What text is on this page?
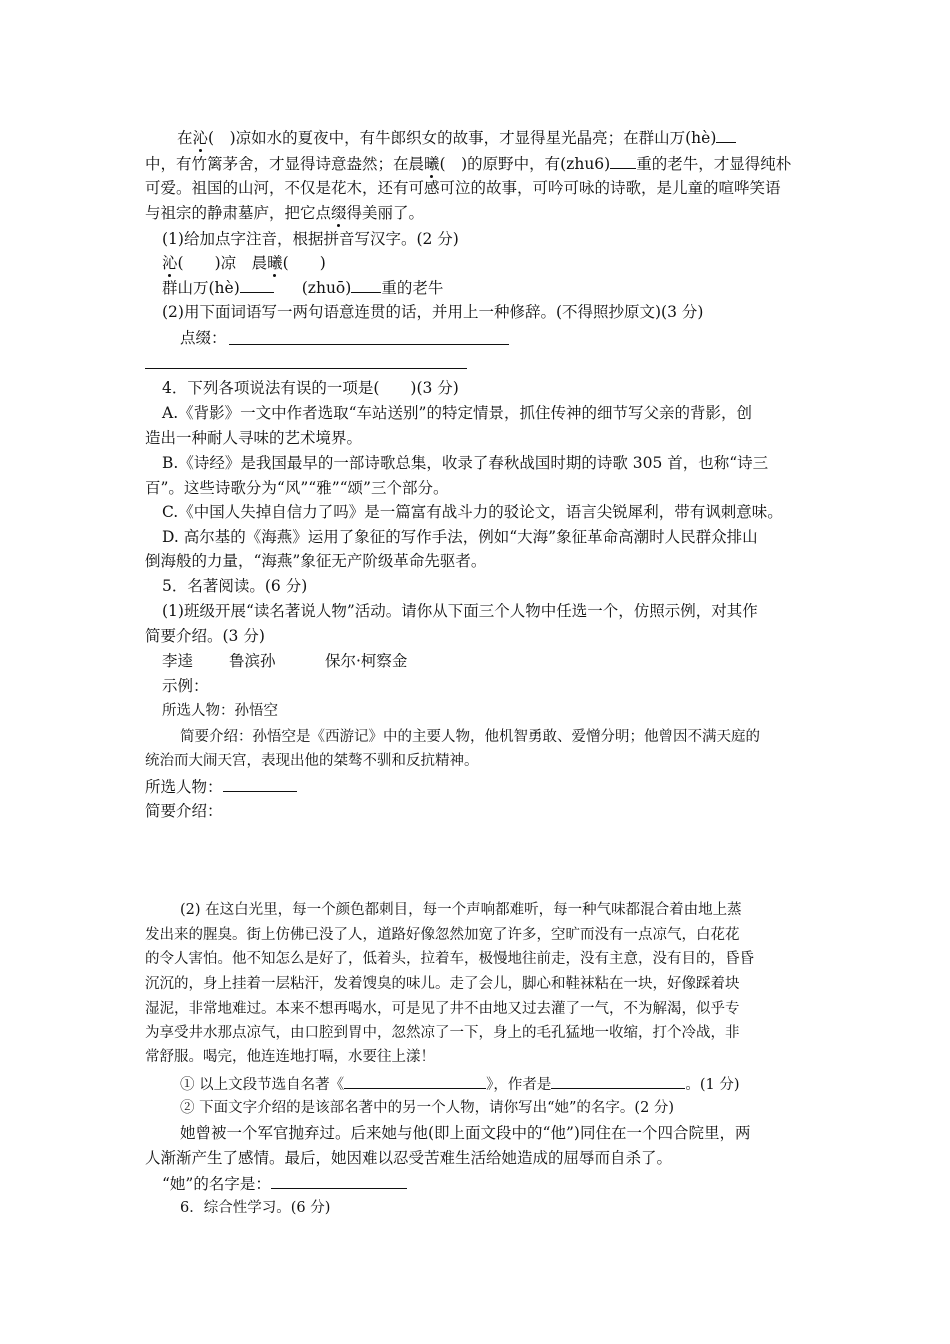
在沁(　)凉如水的夏夜中，有牛郎织女的故事，才显得星光晶亮；在群山万(hè)
中，有竹篱茅舍，才显得诗意盎然；在晨曦(　)的原野中，有(zhu6) 重的老牛，才显得纯朴
可爱。祖国的山河，不仅是花木，还有可感可泣的故事，可吟可咏的诗歌，是儿童的喧哗笑语
与祖宗的静肃墓庐，把它点缀得美丽了。
(1)给加点字注音，根据拼音写汉字。(2 分)
沁(　　)凉　晨曦(　　)
群山万(hè)	(zhuō) 重的老牛
(2)用下面词语写一两句语意连贯的话，并用上一种修辞。(不得照抄原文)(3 分)
点缀：
4．下列各项说法有误的一项是(　　)(3 分)
A.《背影》一文中作者选取“车站送别”的特定情景，抓住传神的细节写父亲的背影，创
造出一种耐人寻味的艺术境界。
B.《诗经》是我国最早的一部诗歌总集，收录了春秋战国时期的诗歌 305 首，也称“诗三
百”。这些诗歌分为“风”“雅”“颂”三个部分。
C.《中国人失掉自信力了吗》是一篇富有战斗力的驳论文，语言尖锐犀利，带有讽刺意味。
D. 高尔基的《海燕》运用了象征的写作手法，例如“大海”象征革命高潮时人民群众排山
倒海般的力量，“海燕”象征无产阶级革命先驱者。
5．名著阅读。(6 分)
(1)班级开展“读名著说人物”活动。请你从下面三个人物中任选一个，仿照示例，对其作
简要介绍。(3 分)
李逵 鲁滨孙	保尔·柯察金
示例：
所选人物：孙悟空
简要介绍：孙悟空是《西游记》中的主要人物，他机智勇敢、爱憎分明；他曾因不满天庭的
统治而大闹天宫，表现出他的桀骜不驯和反抗精神。
所选人物：
简要介绍：
(2) 在这白光里，每一个颜色都刺目，每一个声响都难听，每一种气味都混合着由地上蒸
发出来的腥臭。街上仿佛已没了人，道路好像忽然加宽了许多，空旷而没有一点凉气，白花花
的令人害怕。他不知怎么是好了，低着头，拉着车，极慢地往前走，没有主意，没有目的，昏昏
沉沉的，身上挂着一层粘汗，发着馊臭的味儿。走了会儿，脚心和鞋袜粘在一块，好像踩着块
湿泥，非常地难过。本来不想再喝水，可是见了井不由地又过去灌了一气，不为解渴，似乎专
为享受井水那点凉气，由口腔到胃中，忽然凉了一下，身上的毛孔猛地一收缩，打个冷战，非
常舒服。喝完，他连连地打嗝，水要往上漾！
① 以上文段节选自名著《	》，作者是	。(1 分)
② 下面文字介绍的是该部名著中的另一个人物，请你写出“她”的名字。(2 分)
她曾被一个军官抛弃过。后来她与他(即上面文段中的“他”)同住在一个四合院里，两
人渐渐产生了感情。最后，她因难以忍受苦难生活给她造成的屈辱而自杀了。
“她”的名字是：
6．综合性学习。(6 分)
